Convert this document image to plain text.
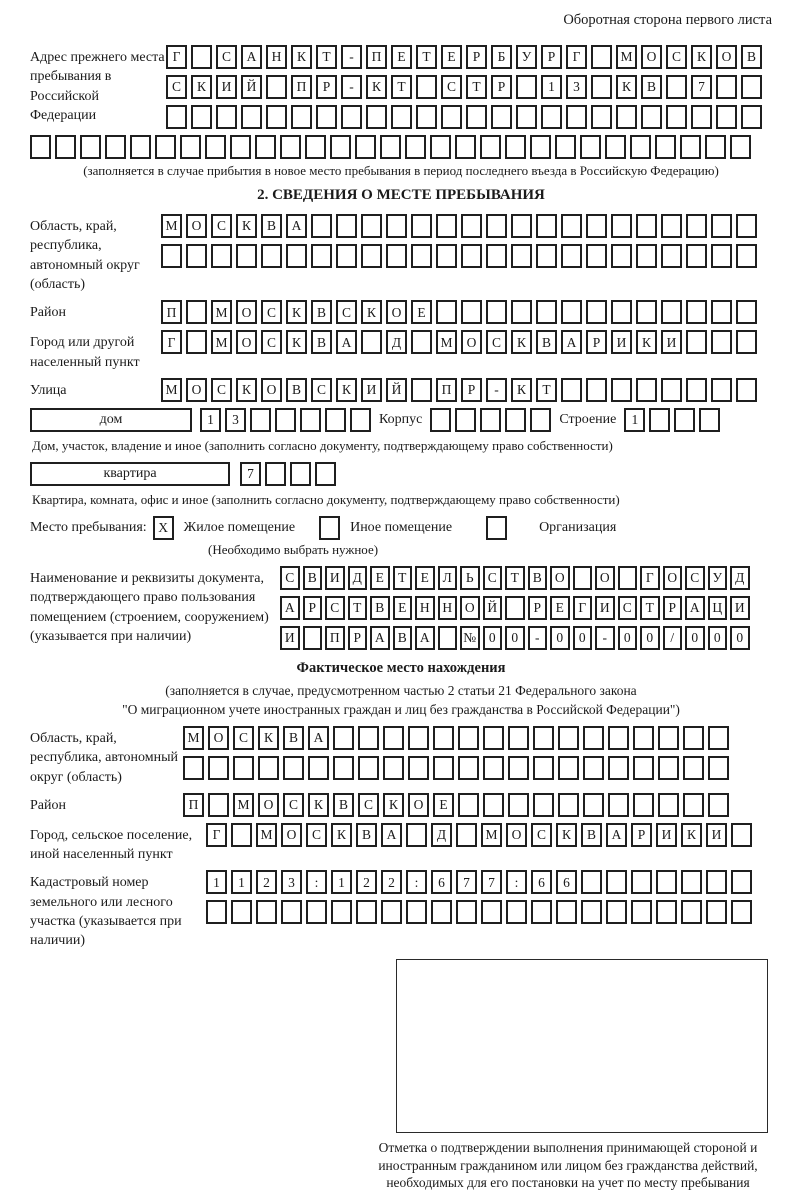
Оборотная сторона первого листа
Адрес прежнего места пребывания в Российской Федерации
Г	С	А	Н	К	Т	-	П	Е	Т	Е	Р	Б	У	Р	Г	М	О	С	К	О	В
С	К	И	Й	П	Р	-	К	Т	С	Т	Р	1	3	К	В	7
(заполняется в случае прибытия в новое место пребывания в период последнего въезда в Российскую Федерацию)
2. СВЕДЕНИЯ О МЕСТЕ ПРЕБЫВАНИЯ
Область, край, республика, автономный округ (область)
М	О	С	К	В	А
Район	П	М	О	С	К	В	С	К	О	Е
Город или другой населенный пункт
Г	М	О	С	К	В	А	Д	М	О	С	К	В	А	Р	И	К	И
Улица	М	О	С	К	О	В	С	К	И	Й	П	Р	-	К	Т
дом	1	3	Корпус	Строение	1
Дом, участок, владение и иное (заполнить согласно документу, подтверждающему право собственности)
квартира	7
Квартира, комната, офис и иное (заполнить согласно документу, подтверждающему право собственности)
Место пребывания: X	Жилое помещение	Иное помещение	Организация
(Необходимо выбрать нужное)
Наименование и реквизиты документа, подтверждающего право пользования помещением (строением, сооружением) (указывается при наличии)
С В И Д	Е	Т	Е	Л	Ь	С	Т	В О	О	Г	О С У Д
А	Р	С	Т	В	Е	Н Н О Й	Р	Е	Г	И С	Т	Р	А Ц И
И	П	Р	А В А	№ 0	0	-	0	0	-	0	0	/	0	0	0
Фактическое место нахождения
(заполняется в случае, предусмотренном частью 2 статьи 21 Федерального закона
"О миграционном учете иностранных граждан и лиц без гражданства в Российской Федерации")
Область, край, республика, автономный округ (область)
М	О	С	К	В	А
Район	П	М	О	С	К	В	С	К	О	Е
Город, сельское поселение, иной населенный пункт
Г	М	О	С	К	В	А	Д	М	О	С	К	В	А	Р	И	К	И
Кадастровый номер земельного или лесного участка (указывается при наличии)
1	1	2	3	:	1	2	2	:	6	7	7	:	6	6
Отметка о подтверждении выполнения принимающей стороной и иностранным гражданином или лицом без гражданства действий, необходимых для его постановки на учет по месту пребывания
